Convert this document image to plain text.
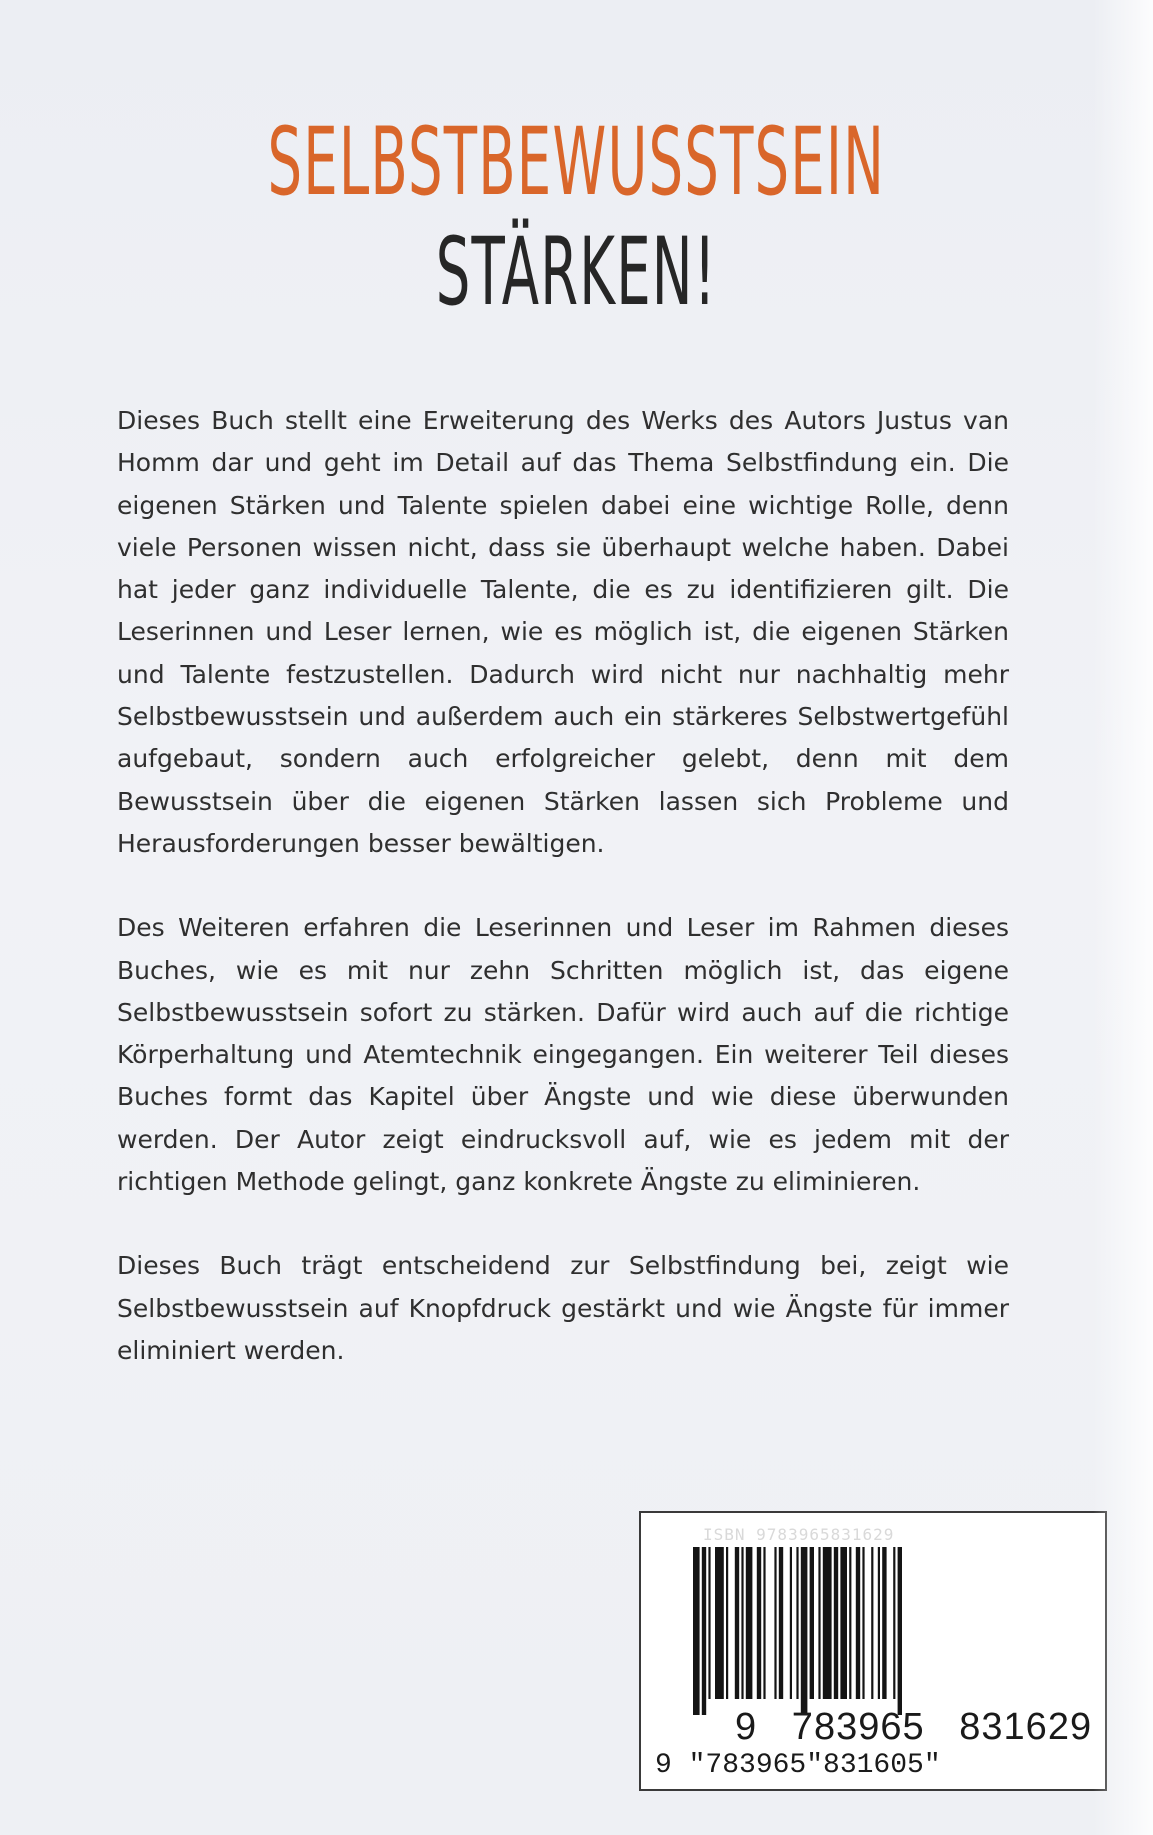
SELBSTBEWUSSTSEIN
STÄRKEN!

Dieses Buch stellt eine Erweiterung des Werks des Autors Justus van Homm dar und geht im Detail auf das Thema Selbstfindung ein. Die eigenen Stärken und Talente spielen dabei eine wichtige Rolle, denn viele Personen wissen nicht, dass sie überhaupt welche haben. Dabei hat jeder ganz individuelle Talente, die es zu identifizieren gilt. Die Leserinnen und Leser lernen, wie es möglich ist, die eigenen Stärken und Talente festzustellen. Dadurch wird nicht nur nachhaltig mehr Selbstbewusstsein und außerdem auch ein stärkeres Selbstwertgefühl aufgebaut, sondern auch erfolgreicher gelebt, denn mit dem Bewusstsein über die eigenen Stärken lassen sich Probleme und Herausforderungen besser bewältigen.

Des Weiteren erfahren die Leserinnen und Leser im Rahmen dieses Buches, wie es mit nur zehn Schritten möglich ist, das eigene Selbstbewusstsein sofort zu stärken. Dafür wird auch auf die richtige Körperhaltung und Atemtechnik eingegangen. Ein weiterer Teil dieses Buches formt das Kapitel über Ängste und wie diese überwunden werden. Der Autor zeigt eindrucksvoll auf, wie es jedem mit der richtigen Methode gelingt, ganz konkrete Ängste zu eliminieren.

Dieses Buch trägt entscheidend zur Selbstfindung bei, zeigt wie Selbstbewusstsein auf Knopfdruck gestärkt und wie Ängste für immer eliminiert werden.

ISBN 9783965831629
9   783965   831629
9 "783965"831605"
